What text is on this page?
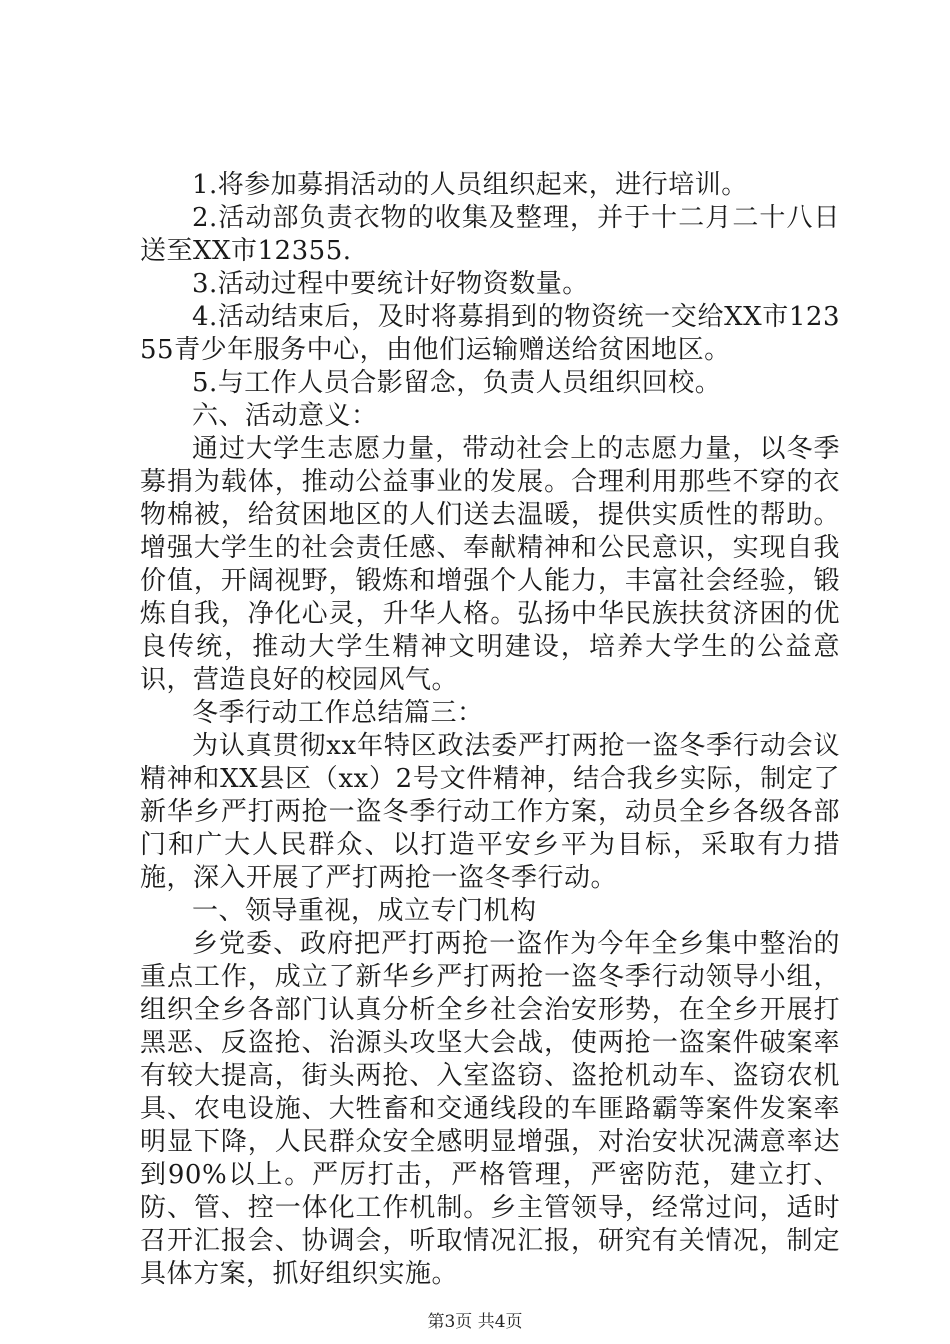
1.将参加募捐活动的人员组织起来，进行培训。

2.活动部负责衣物的收集及整理，并于十二月二十八日送至XX市12355.

3.活动过程中要统计好物资数量。

4.活动结束后，及时将募捐到的物资统一交给XX市12355青少年服务中心，由他们运输赠送给贫困地区。

5.与工作人员合影留念，负责人员组织回校。

六、活动意义：

通过大学生志愿力量，带动社会上的志愿力量，以冬季募捐为载体，推动公益事业的发展。合理利用那些不穿的衣物棉被，给贫困地区的人们送去温暖，提供实质性的帮助。增强大学生的社会责任感、奉献精神和公民意识，实现自我价值，开阔视野，锻炼和增强个人能力，丰富社会经验，锻炼自我，净化心灵，升华人格。弘扬中华民族扶贫济困的优良传统，推动大学生精神文明建设，培养大学生的公益意识，营造良好的校园风气。

冬季行动工作总结篇三：

为认真贯彻xx年特区政法委严打两抢一盗冬季行动会议精神和XX县区（xx）2号文件精神，结合我乡实际，制定了新华乡严打两抢一盗冬季行动工作方案，动员全乡各级各部门和广大人民群众、以打造平安乡平为目标，采取有力措施，深入开展了严打两抢一盗冬季行动。

一、领导重视，成立专门机构

乡党委、政府把严打两抢一盗作为今年全乡集中整治的重点工作，成立了新华乡严打两抢一盗冬季行动领导小组，组织全乡各部门认真分析全乡社会治安形势，在全乡开展打黑恶、反盗抢、治源头攻坚大会战，使两抢一盗案件破案率有较大提高，街头两抢、入室盗窃、盗抢机动车、盗窃农机具、农电设施、大牲畜和交通线段的车匪路霸等案件发案率明显下降，人民群众安全感明显增强，对治安状况满意率达到90%以上。严厉打击，严格管理，严密防范，建立打、防、管、控一体化工作机制。乡主管领导，经常过问，适时召开汇报会、协调会，听取情况汇报，研究有关情况，制定具体方案，抓好组织实施。

第3页 共4页
